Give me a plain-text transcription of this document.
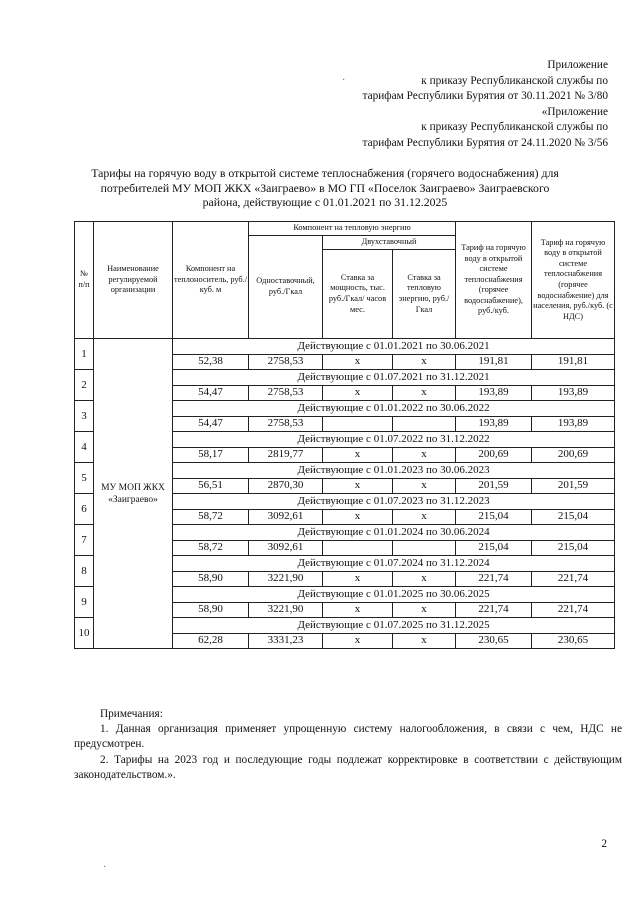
Приложение
к приказу Республиканской службы по
тарифам Республики Бурятия от 30.11.2021 № 3/80
«Приложение
к приказу Республиканской службы по
тарифам Республики Бурятия от 24.11.2020 № 3/56
·
Тарифы на горячую воду в открытой системе теплоснабжения (горячего водоснабжения) для
потребителей МУ МОП ЖКХ «Заиграево» в МО ГП «Поселок Заиграево» Заиграевского
района, действующие с 01.01.2021 по 31.12.2025
№ п/п	Наименование регулируемой организации	Компонент на теплоноситель, руб./куб. м	Компонент на тепловую энергию			Тариф на горячую воду в открытой системе теплоснабжения (горячее водоснабжение), руб./куб.	Тариф на горячую воду в открытой системе теплоснабжения (горячее водоснабжение) для населения, руб./куб. (с НДС)
			Одноставочный, руб./Гкал	Двухставочный			
				Ставка за мощность, тыс. руб./Гкал/ часов мес.	Ставка за тепловую энергию, руб./Гкал		
1	МУ МОП ЖКХ «Заиграево»	Действующие с 01.01.2021 по 30.06.2021					
		52,38	2758,53	x	x	191,81	191,81
2		Действующие с 01.07.2021 по 31.12.2021					
		54,47	2758,53	x	x	193,89	193,89
3		Действующие с 01.01.2022 по 30.06.2022					
		54,47	2758,53			193,89	193,89
4		Действующие с 01.07.2022 по 31.12.2022					
		58,17	2819,77	x	x	200,69	200,69
5		Действующие с 01.01.2023 по 30.06.2023					
		56,51	2870,30	x	x	201,59	201,59
6		Действующие с 01.07.2023 по 31.12.2023					
		58,72	3092,61	x	x	215,04	215,04
7		Действующие с 01.01.2024 по 30.06.2024					
		58,72	3092,61			215,04	215,04
8		Действующие с 01.07.2024 по 31.12.2024					
		58,90	3221,90	x	x	221,74	221,74
9		Действующие с 01.01.2025 по 30.06.2025					
		58,90	3221,90	x	x	221,74	221,74
10		Действующие с 01.07.2025 по 31.12.2025					
		62,28	3331,23	x	x	230,65	230,65

Примечания:

1. Данная организация применяет упрощенную систему налогообложения, в связи с чем, НДС не предусмотрен.

2. Тарифы на 2023 год и последующие годы подлежат корректировке в соответствии с действующим законодательством.».

·
2
